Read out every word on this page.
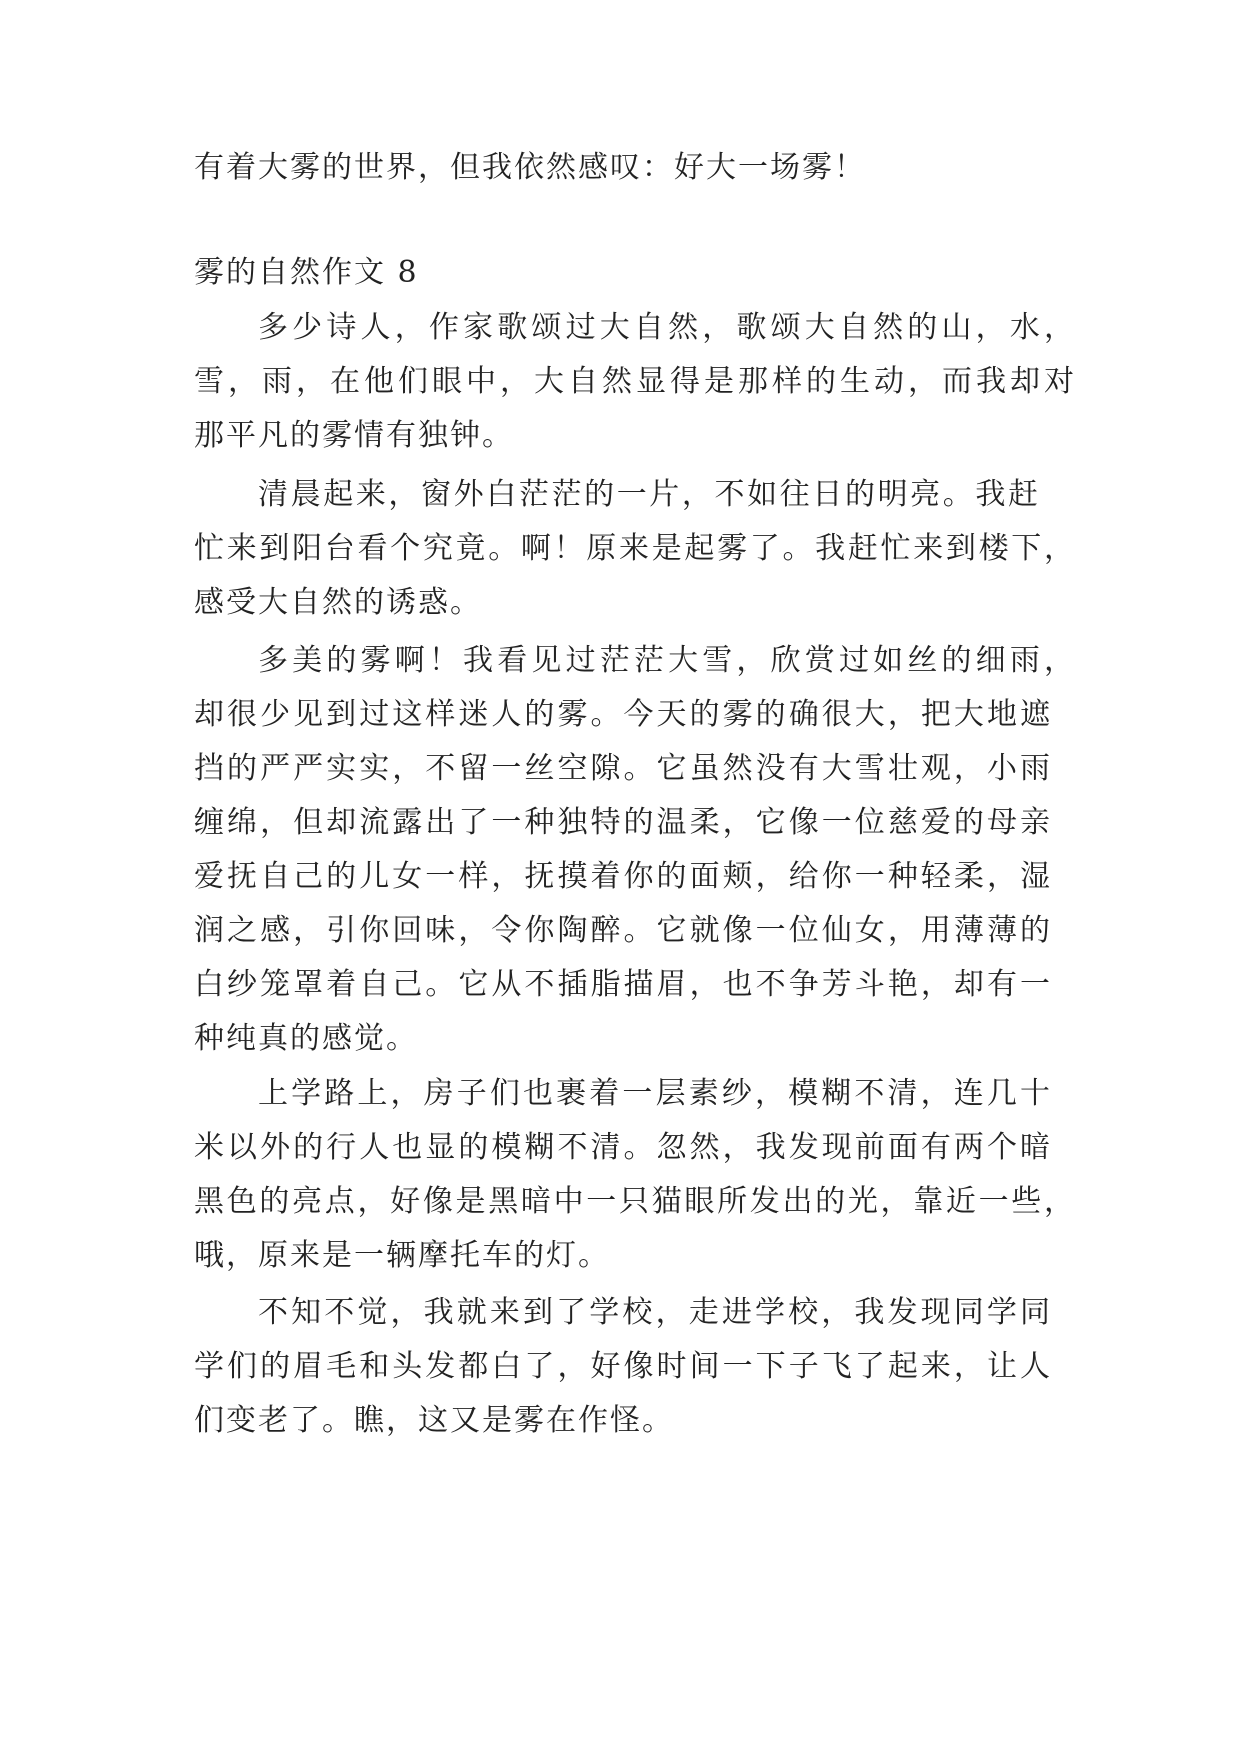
有着大雾的世界，但我依然感叹：好大一场雾！
雾的自然作文 8
多少诗人，作家歌颂过大自然，歌颂大自然的山，水，
雪，雨，在他们眼中，大自然显得是那样的生动，而我却对
那平凡的雾情有独钟。
清晨起来，窗外白茫茫的一片，不如往日的明亮。我赶
忙来到阳台看个究竟。啊！原来是起雾了。我赶忙来到楼下，
感受大自然的诱惑。
多美的雾啊！我看见过茫茫大雪，欣赏过如丝的细雨，
却很少见到过这样迷人的雾。今天的雾的确很大，把大地遮
挡的严严实实，不留一丝空隙。它虽然没有大雪壮观，小雨
缠绵，但却流露出了一种独特的温柔，它像一位慈爱的母亲
爱抚自己的儿女一样，抚摸着你的面颊，给你一种轻柔，湿
润之感，引你回味，令你陶醉。它就像一位仙女，用薄薄的
白纱笼罩着自己。它从不插脂描眉，也不争芳斗艳，却有一
种纯真的感觉。
上学路上，房子们也裹着一层素纱，模糊不清，连几十
米以外的行人也显的模糊不清。忽然，我发现前面有两个暗
黑色的亮点，好像是黑暗中一只猫眼所发出的光，靠近一些，
哦，原来是一辆摩托车的灯。
不知不觉，我就来到了学校，走进学校，我发现同学同
学们的眉毛和头发都白了，好像时间一下子飞了起来，让人
们变老了。瞧，这又是雾在作怪。
